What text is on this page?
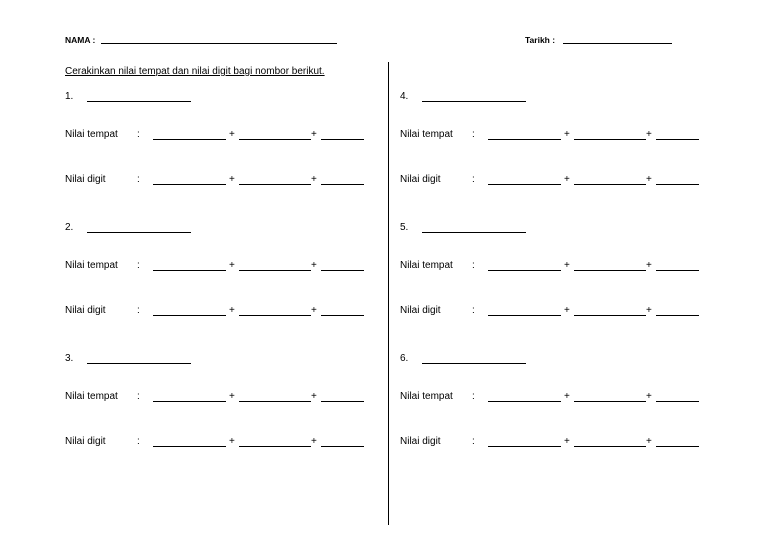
NAMA :	Tarikh :
Cerakinkan nilai tempat dan nilai digit bagi nombor berikut.
1.
Nilai tempat :	+	+
Nilai digit	:	+	+
2.
Nilai tempat :	+	+
Nilai digit	:	+	+
3.
Nilai tempat :	+	+
Nilai digit	:	+	+
4.
Nilai tempat :	+	+
Nilai digit	:	+	+
5.
Nilai tempat :	+	+
Nilai digit	:	+	+
6.
Nilai tempat :	+	+
Nilai digit	:	+	+
